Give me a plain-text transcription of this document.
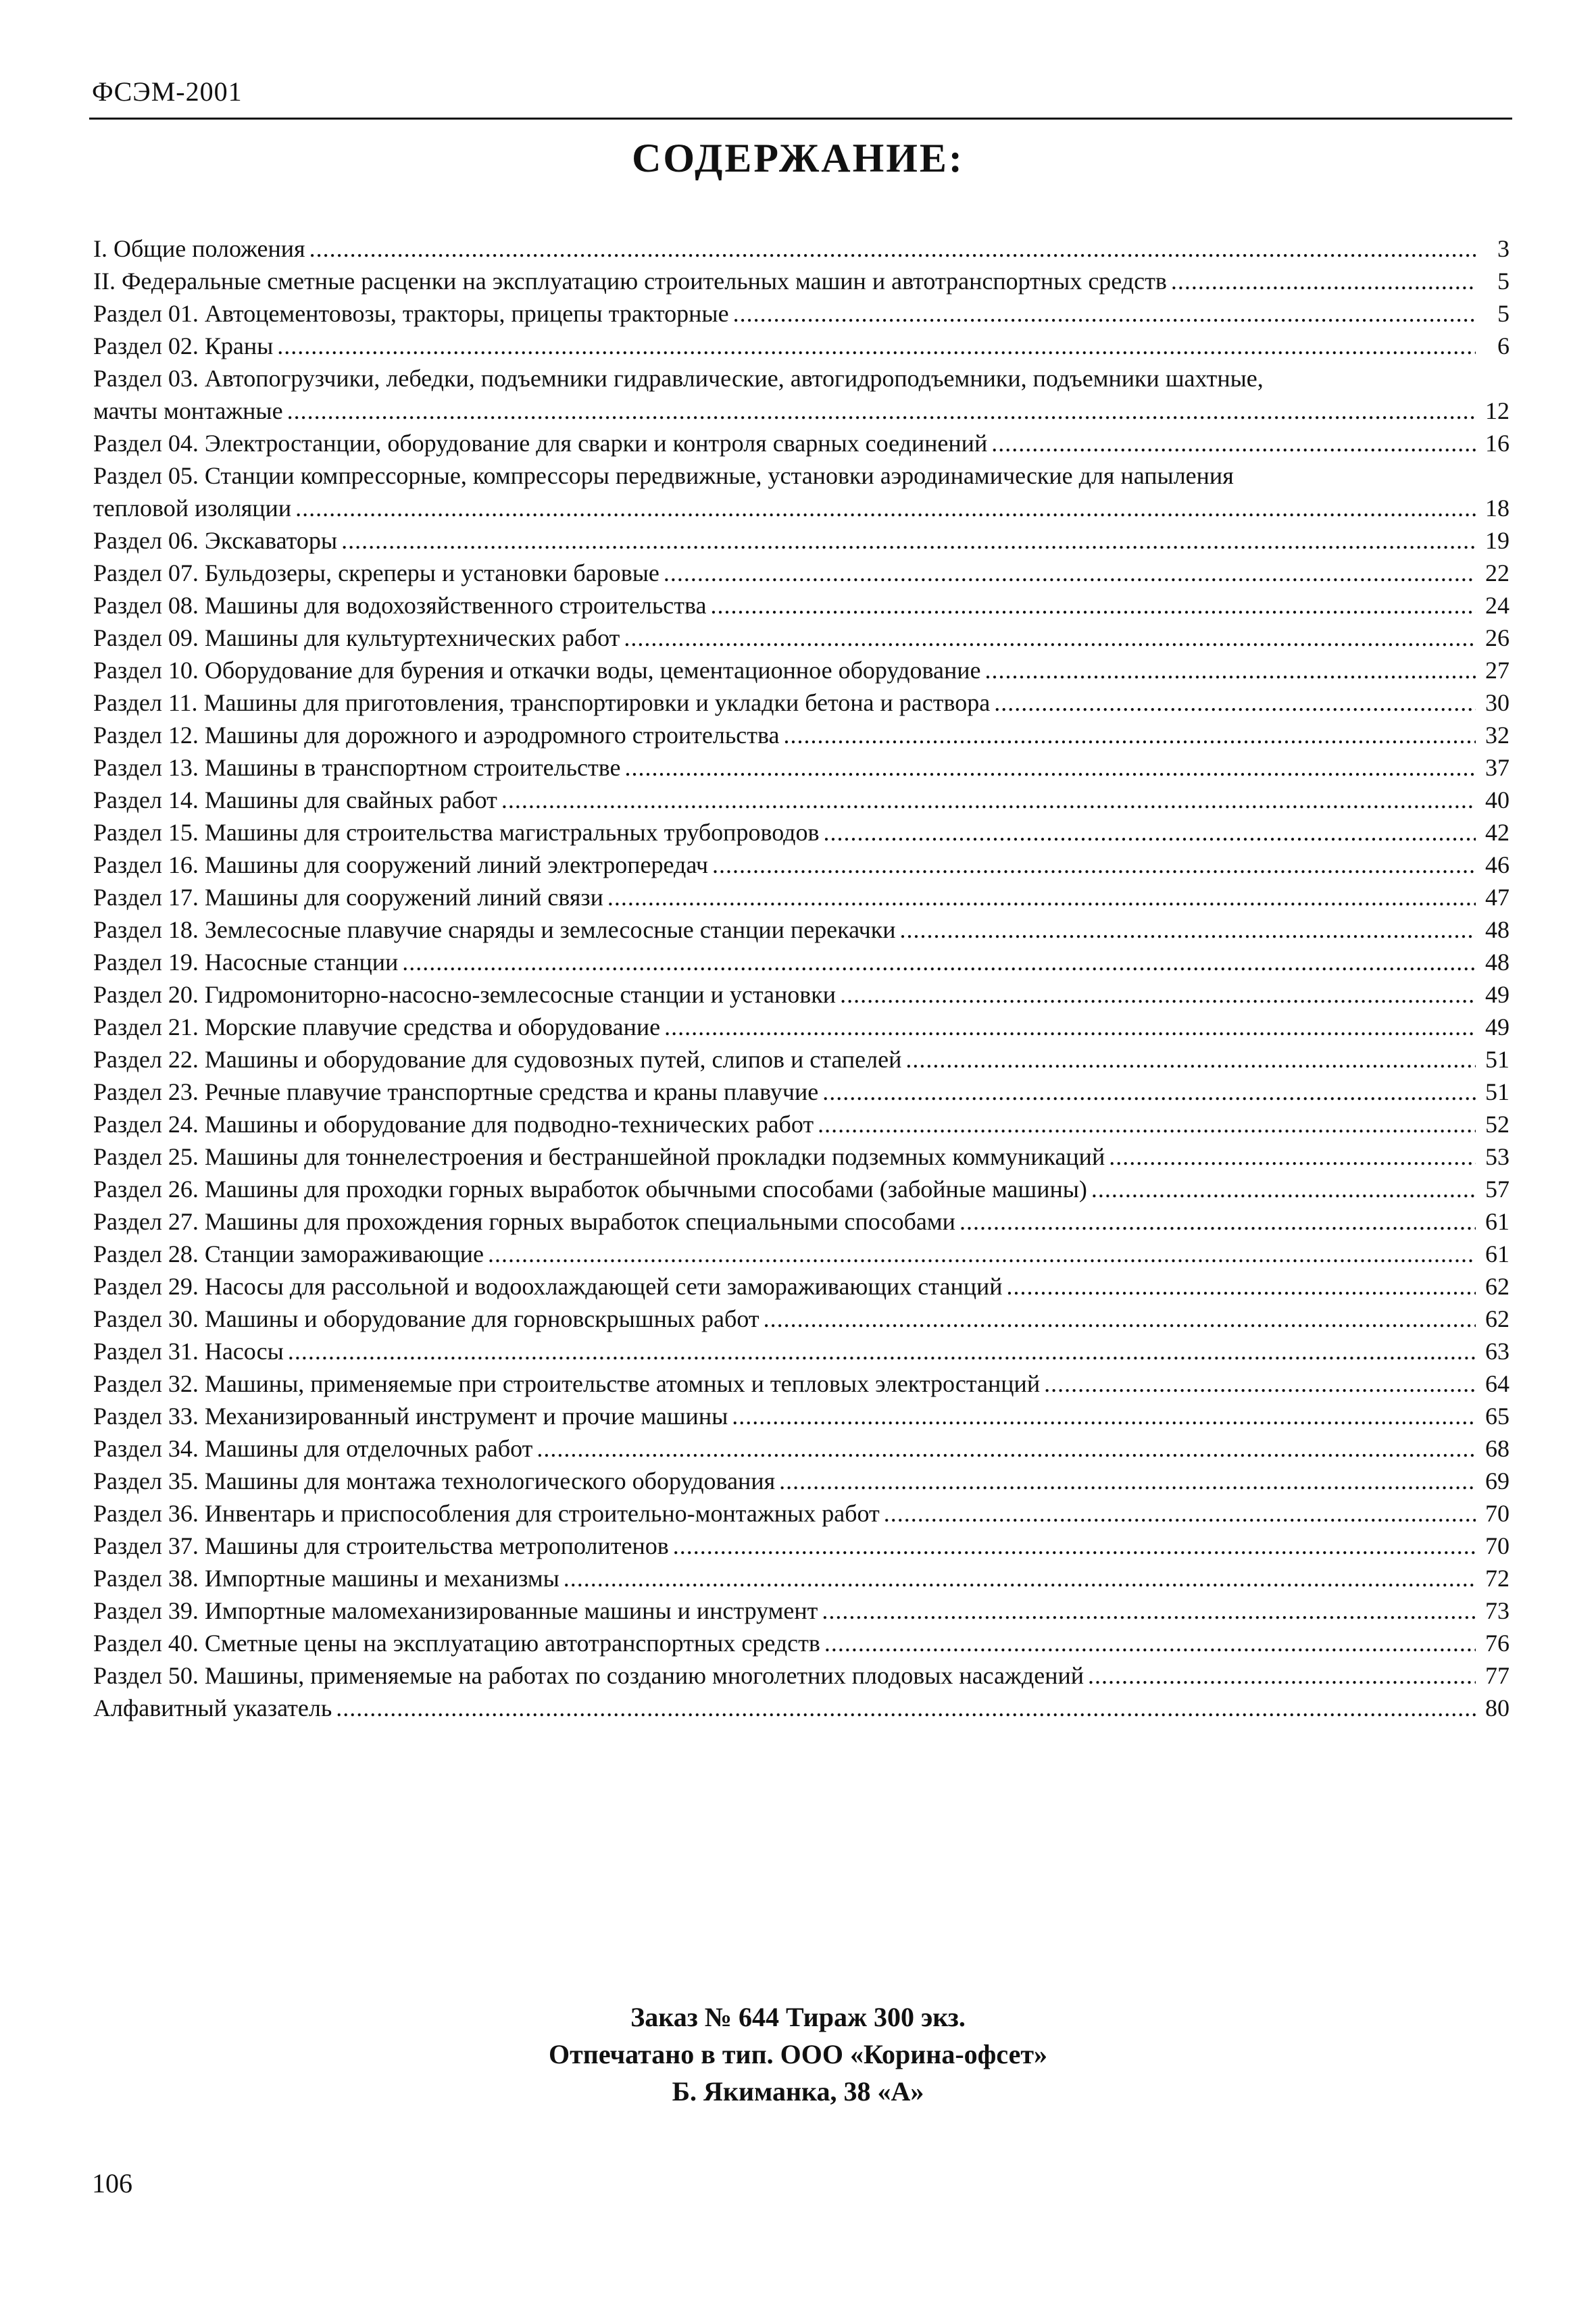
ФСЭМ-2001
СОДЕРЖАНИЕ:
I. Общие положения .....	3
II. Федеральные сметные расценки на эксплуатацию строительных машин и автотранспортных средств .....	5
Раздел 01. Автоцементовозы, тракторы, прицепы тракторные .....	5
Раздел 02. Краны .....	6
Раздел 03. Автопогрузчики, лебедки, подъемники гидравлические, автогидроподъемники, подъемники шахтные,
мачты монтажные .....	12
Раздел 04. Электростанции, оборудование для сварки и контроля сварных соединений .....	16
Раздел 05. Станции компрессорные, компрессоры передвижные, установки аэродинамические для напыления
тепловой изоляции .....	18
Раздел 06. Экскаваторы .....	19
Раздел 07. Бульдозеры, скреперы и установки баровые .....	22
Раздел 08. Машины для водохозяйственного строительства .....	24
Раздел 09. Машины для культуртехнических работ .....	26
Раздел 10. Оборудование для бурения и откачки воды, цементационное оборудование .....	27
Раздел 11. Машины для приготовления, транспортировки и укладки бетона и раствора .....	30
Раздел 12. Машины для дорожного и аэродромного строительства .....	32
Раздел 13. Машины в транспортном строительстве .....	37
Раздел 14. Машины для свайных работ .....	40
Раздел 15. Машины для строительства магистральных трубопроводов .....	42
Раздел 16. Машины для сооружений линий электропередач .....	46
Раздел 17. Машины для сооружений линий связи .....	47
Раздел 18. Землесосные плавучие снаряды и землесосные станции перекачки .....	48
Раздел 19. Насосные станции .....	48
Раздел 20. Гидромониторно-насосно-землесосные станции и установки .....	49
Раздел 21. Морские плавучие средства и оборудование .....	49
Раздел 22. Машины и оборудование для судовозных путей, слипов и стапелей .....	51
Раздел 23. Речные плавучие транспортные средства и краны плавучие .....	51
Раздел 24. Машины и оборудование для подводно-технических работ .....	52
Раздел 25. Машины для тоннелестроения и бестраншейной прокладки подземных коммуникаций .....	53
Раздел 26. Машины для проходки горных выработок обычными способами (забойные машины) .....	57
Раздел 27. Машины для прохождения горных выработок специальными способами .....	61
Раздел 28. Станции замораживающие .....	61
Раздел 29. Насосы для рассольной и водоохлаждающей сети замораживающих станций .....	62
Раздел 30. Машины и оборудование для горновскрышных работ .....	62
Раздел 31. Насосы .....	63
Раздел 32. Машины, применяемые при строительстве атомных и тепловых электростанций .....	64
Раздел 33. Механизированный инструмент и прочие машины .....	65
Раздел 34. Машины для отделочных работ .....	68
Раздел 35. Машины для монтажа технологического оборудования .....	69
Раздел 36. Инвентарь и приспособления для строительно-монтажных работ .....	70
Раздел 37. Машины для строительства метрополитенов .....	70
Раздел 38. Импортные машины и механизмы .....	72
Раздел 39. Импортные маломеханизированные машины и инструмент .....	73
Раздел 40. Сметные цены на эксплуатацию автотранспортных средств .....	76
Раздел 50. Машины, применяемые на работах по созданию многолетних плодовых насаждений .....	77
Алфавитный указатель .....	80
Заказ № 644 Тираж 300 экз.
Отпечатано в тип. ООО «Корина-офсет»
Б. Якиманка, 38 «А»
106
